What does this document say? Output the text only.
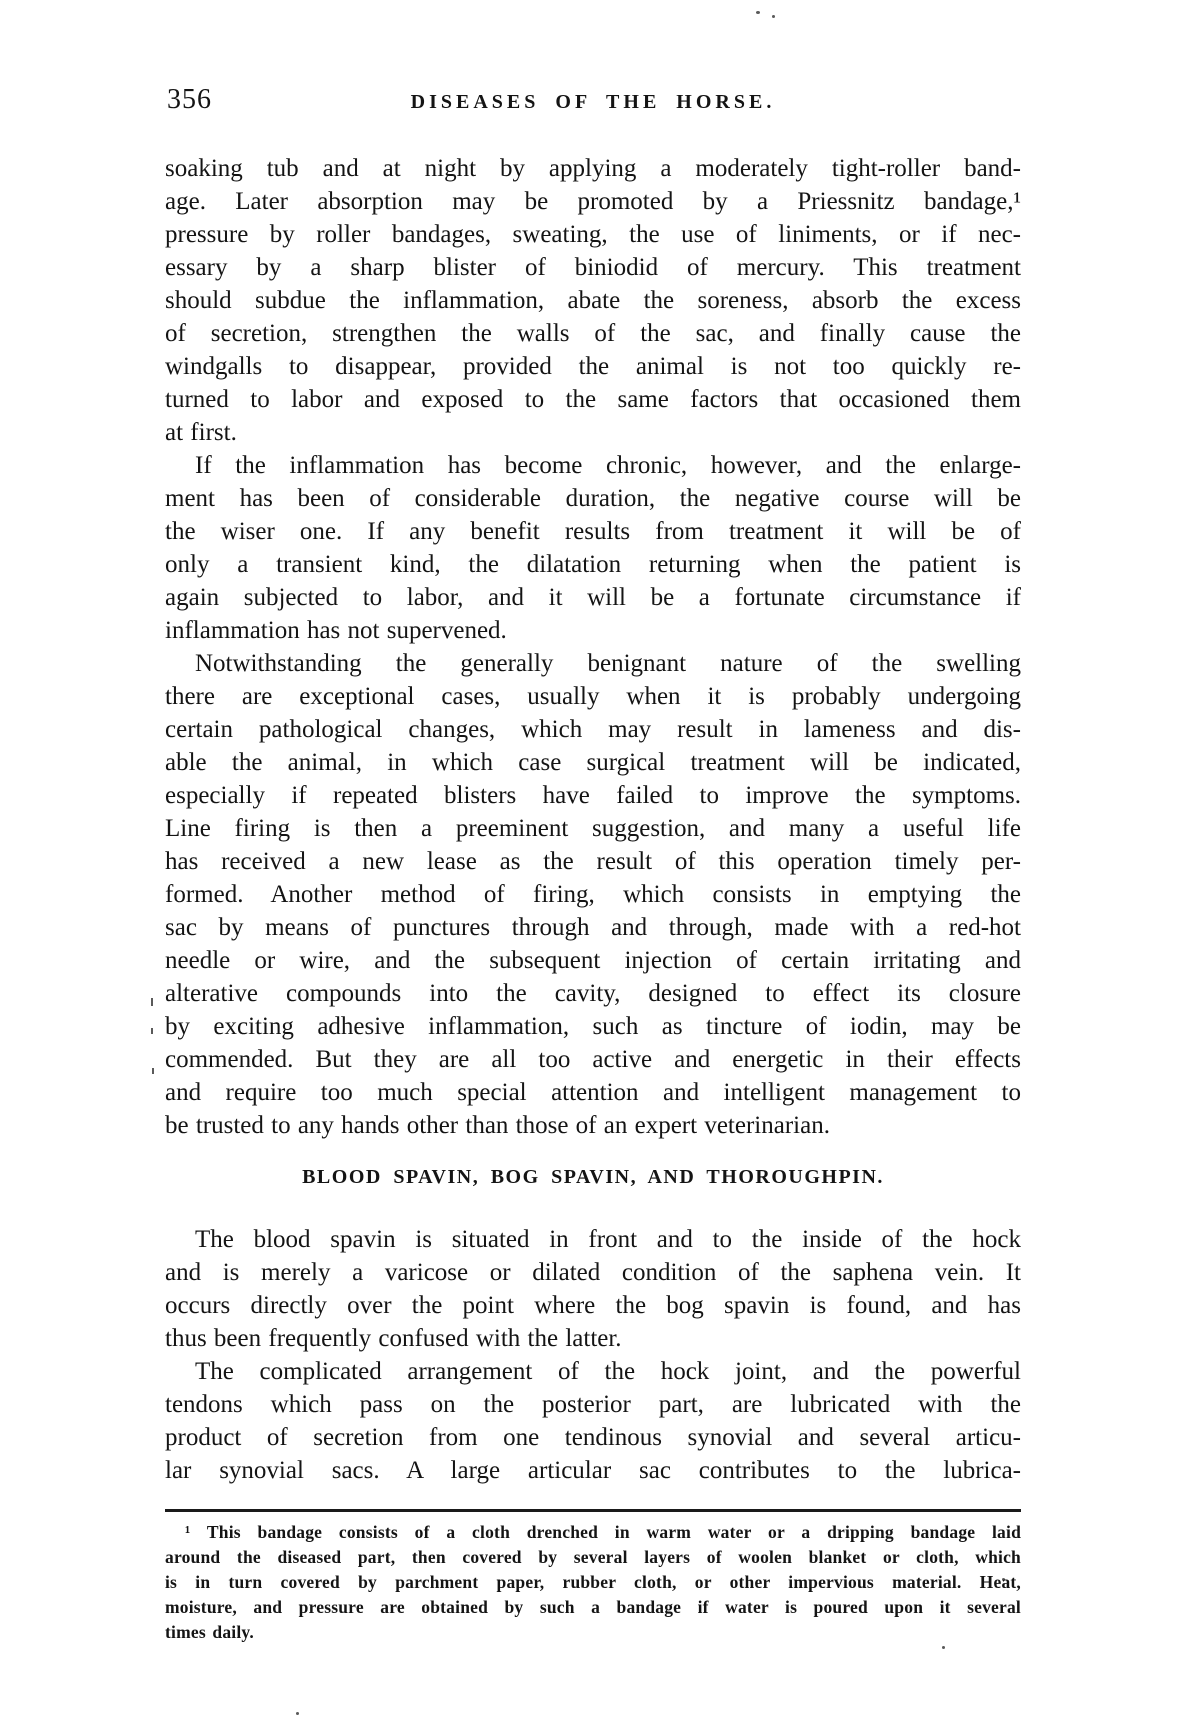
356	DISEASES OF THE HORSE.
soaking tub and at night by applying a moderately tight-roller band-
age. Later absorption may be promoted by a Priessnitz bandage,¹
pressure by roller bandages, sweating, the use of liniments, or if nec-
essary by a sharp blister of biniodid of mercury. This treatment
should subdue the inflammation, abate the soreness, absorb the excess
of secretion, strengthen the walls of the sac, and finally cause the
windgalls to disappear, provided the animal is not too quickly re-
turned to labor and exposed to the same factors that occasioned them
at first.
If the inflammation has become chronic, however, and the enlarge-
ment has been of considerable duration, the negative course will be
the wiser one. If any benefit results from treatment it will be of
only a transient kind, the dilatation returning when the patient is
again subjected to labor, and it will be a fortunate circumstance if
inflammation has not supervened.
Notwithstanding the generally benignant nature of the swelling
there are exceptional cases, usually when it is probably undergoing
certain pathological changes, which may result in lameness and dis-
able the animal, in which case surgical treatment will be indicated,
especially if repeated blisters have failed to improve the symptoms.
Line firing is then a preeminent suggestion, and many a useful life
has received a new lease as the result of this operation timely per-
formed. Another method of firing, which consists in emptying the
sac by means of punctures through and through, made with a red-hot
needle or wire, and the subsequent injection of certain irritating and
alterative compounds into the cavity, designed to effect its closure
by exciting adhesive inflammation, such as tincture of iodin, may be
commended. But they are all too active and energetic in their effects
and require too much special attention and intelligent management to
be trusted to any hands other than those of an expert veterinarian.
BLOOD SPAVIN, BOG SPAVIN, AND THOROUGHPIN.
The blood spavin is situated in front and to the inside of the hock
and is merely a varicose or dilated condition of the saphena vein. It
occurs directly over the point where the bog spavin is found, and has
thus been frequently confused with the latter.
The complicated arrangement of the hock joint, and the powerful
tendons which pass on the posterior part, are lubricated with the
product of secretion from one tendinous synovial and several articu-
lar synovial sacs. A large articular sac contributes to the lubrica-
¹ This bandage consists of a cloth drenched in warm water or a dripping bandage laid
around the diseased part, then covered by several layers of woolen blanket or cloth, which
is in turn covered by parchment paper, rubber cloth, or other impervious material. Heat,
moisture, and pressure are obtained by such a bandage if water is poured upon it several
times daily.
